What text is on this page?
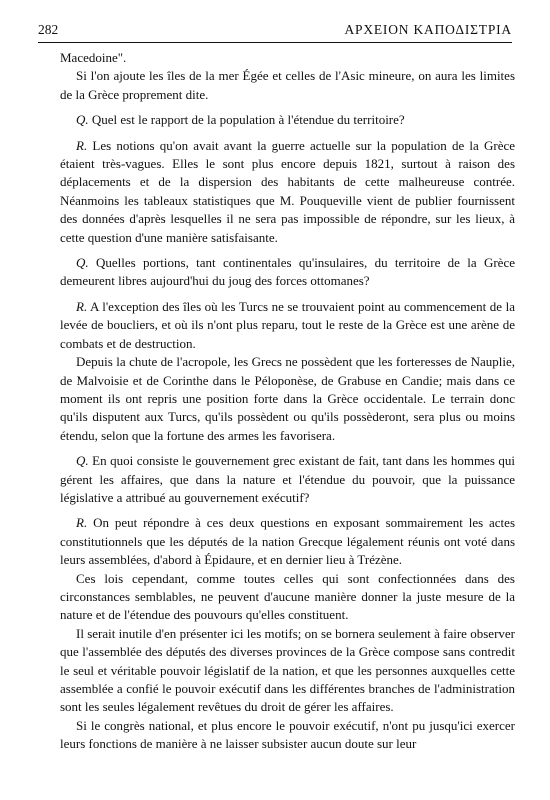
282	ΑΡΧΕΙΟΝ ΚΑΠΟΔΙΣΤΡΙΑ

Macedoine".

Si l'on ajoute les îles de la mer Égée et celles de l'Asic mineure, on aura les limites de la Grèce proprement dite.

Q. Quel est le rapport de la population à l'étendue du territoire?

R. Les notions qu'on avait avant la guerre actuelle sur la population de la Grèce étaient très-vagues. Elles le sont plus encore depuis 1821, surtout à raison des déplacements et de la dispersion des habitants de cette malheureuse contrée. Néanmoins les tableaux statistiques que M. Pouqueville vient de publier fournissent des données d'après lesquelles il ne sera pas impossible de répondre, sur les lieux, à cette question d'une manière satisfaisante.

Q. Quelles portions, tant continentales qu'insulaires, du territoire de la Grèce demeurent libres aujourd'hui du joug des forces ottomanes?

R. A l'exception des îles où les Turcs ne se trouvaient point au commencement de la levée de boucliers, et où ils n'ont plus reparu, tout le reste de la Grèce est une arène de combats et de destruction.

Depuis la chute de l'acropole, les Grecs ne possèdent que les forteresses de Nauplie, de Malvoisie et de Corinthe dans le Péloponèse, de Grabuse en Candie; mais dans ce moment ils ont repris une position forte dans la Grèce occidentale. Le terrain donc qu'ils disputent aux Turcs, qu'ils possèdent ou qu'ils possèderont, sera plus ou moins étendu, selon que la fortune des armes les favorisera.

Q. En quoi consiste le gouvernement grec existant de fait, tant dans les hommes qui gérent les affaires, que dans la nature et l'étendue du pouvoir, que la puissance législative a attribué au gouvernement exécutif?

R. On peut répondre à ces deux questions en exposant sommairement les actes constitutionnels que les députés de la nation Grecque légalement réunis ont voté dans leurs assemblées, d'abord à Épidaure, et en dernier lieu à Trézène.

Ces lois cependant, comme toutes celles qui sont confectionnées dans des circonstances semblables, ne peuvent d'aucune manière donner la juste mesure de la nature et de l'étendue des pouvours qu'elles constituent.

Il serait inutile d'en présenter ici les motifs; on se bornera seulement à faire observer que l'assemblée des députés des diverses provinces de la Grèce compose sans contredit le seul et véritable pouvoir législatif de la nation, et que les personnes auxquelles cette assemblée a confié le pouvoir exécutif dans les différentes branches de l'administration sont les seules légalement revêtues du droit de gérer les affaires.

Si le congrès national, et plus encore le pouvoir exécutif, n'ont pu jusqu'ici exercer leurs fonctions de manière à ne laisser subsister aucun doute sur leur
